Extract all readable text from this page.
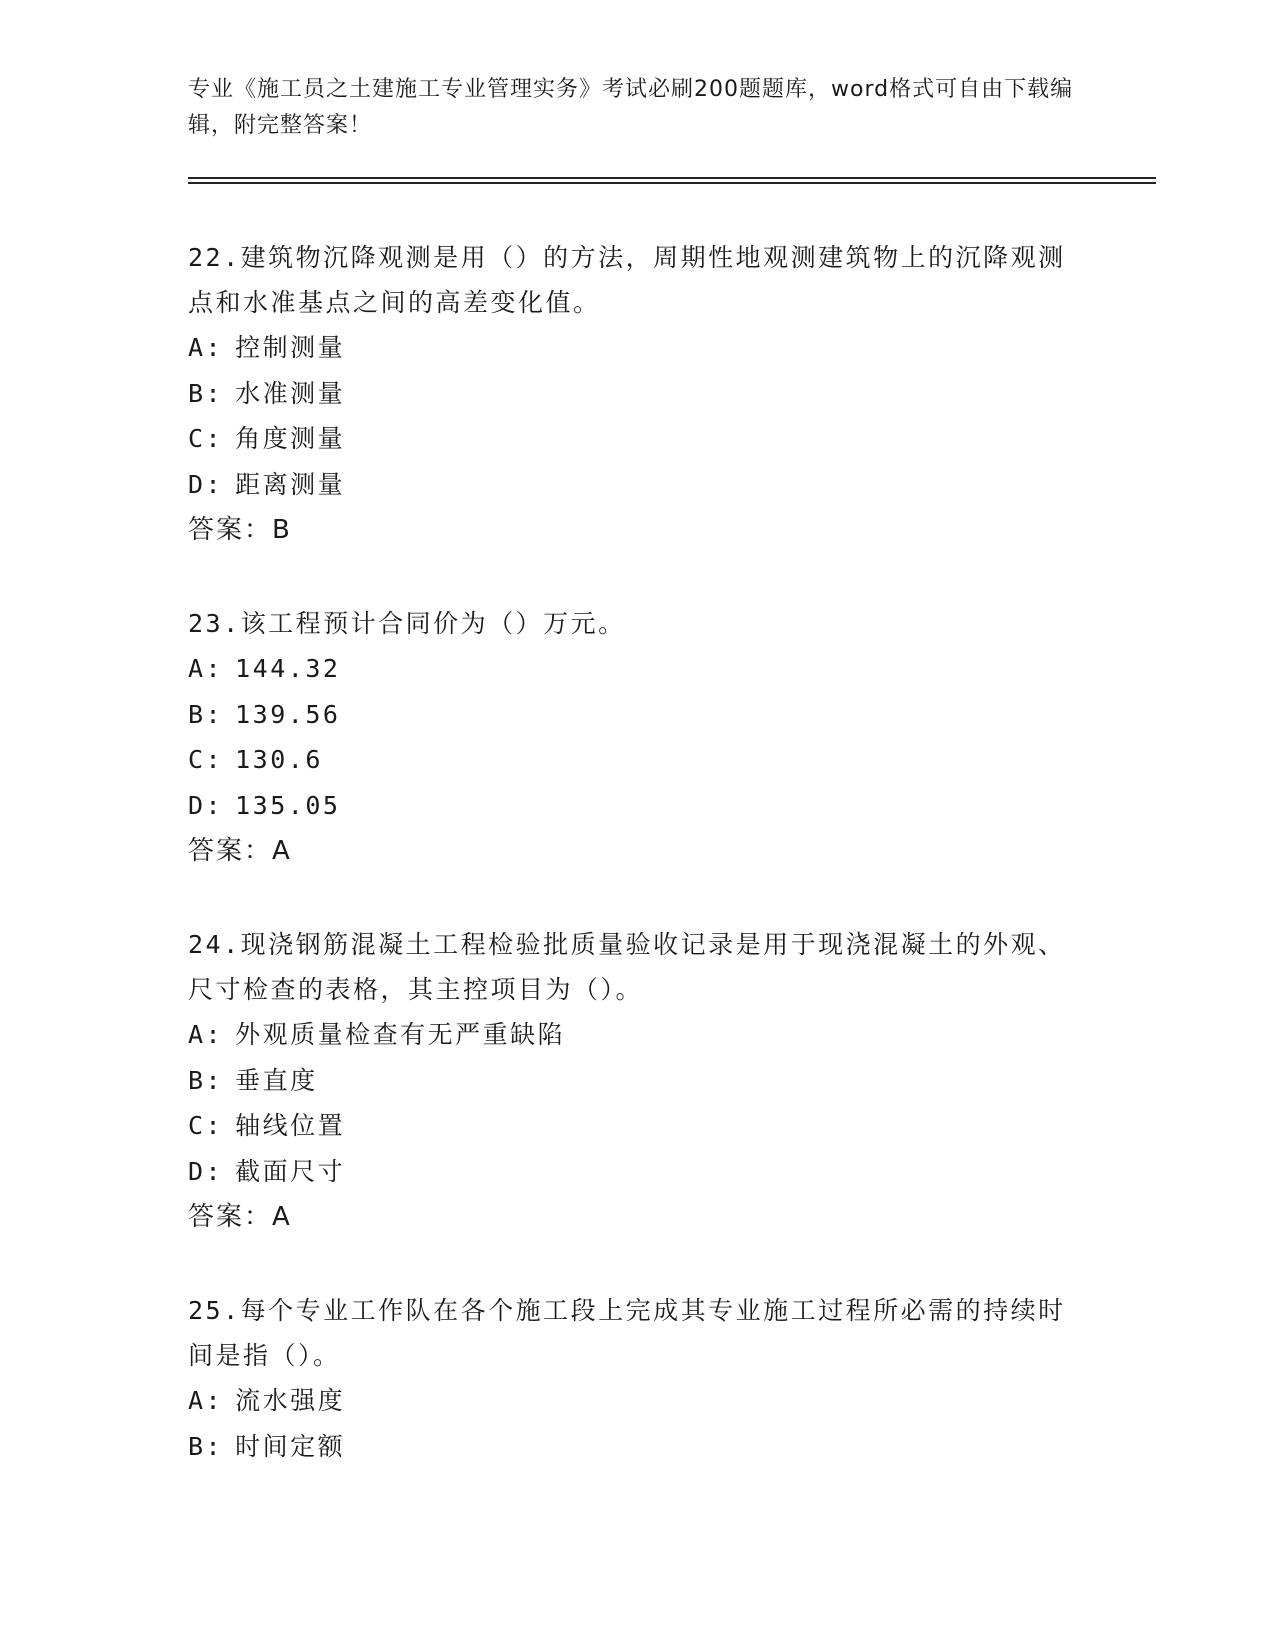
专业《施工员之土建施工专业管理实务》考试必刷200题题库，word格式可自由下载编辑，附完整答案！
22.建筑物沉降观测是用（）的方法，周期性地观测建筑物上的沉降观测点和水准基点之间的高差变化值。
A: 控制测量
B: 水准测量
C: 角度测量
D: 距离测量
答案：B
23.该工程预计合同价为（）万元。
A: 144.32
B: 139.56
C: 130.6
D: 135.05
答案：A
24.现浇钢筋混凝土工程检验批质量验收记录是用于现浇混凝土的外观、尺寸检查的表格，其主控项目为（）。
A: 外观质量检查有无严重缺陷
B: 垂直度
C: 轴线位置
D: 截面尺寸
答案：A
25.每个专业工作队在各个施工段上完成其专业施工过程所必需的持续时间是指（）。
A: 流水强度
B: 时间定额
